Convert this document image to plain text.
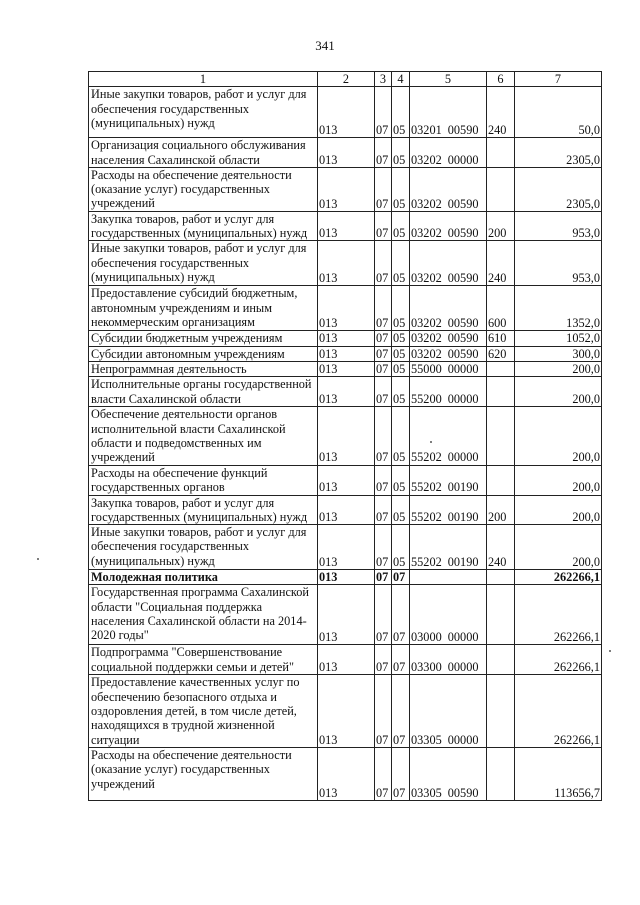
341
1	2	3	4	5	6	7
Иные закупки товаров, работ и услуг для обеспечения государственных (муниципальных) нужд	013	07	05	03201 00590	240	50,0
Организация социального обслуживания населения Сахалинской области	013	07	05	03202 00000		2305,0
Расходы на обеспечение деятельности (оказание услуг) государственных учреждений	013	07	05	03202 00590		2305,0
Закупка товаров, работ и услуг для государственных (муниципальных) нужд	013	07	05	03202 00590	200	953,0
Иные закупки товаров, работ и услуг для обеспечения государственных (муниципальных) нужд	013	07	05	03202 00590	240	953,0
Предоставление субсидий бюджетным, автономным учреждениям и иным некоммерческим организациям	013	07	05	03202 00590	600	1352,0
Субсидии бюджетным учреждениям	013	07	05	03202 00590	610	1052,0
Субсидии автономным учреждениям	013	07	05	03202 00590	620	300,0
Непрограммная деятельность	013	07	05	55000 00000		200,0
Исполнительные органы государственной власти Сахалинской области	013	07	05	55200 00000		200,0
Обеспечение деятельности органов исполнительной власти Сахалинской области и подведомственных им учреждений	013	07	05	55202 00000		200,0
Расходы на обеспечение функций государственных органов	013	07	05	55202 00190		200,0
Закупка товаров, работ и услуг для государственных (муниципальных) нужд	013	07	05	55202 00190	200	200,0
Иные закупки товаров, работ и услуг для обеспечения государственных (муниципальных) нужд	013	07	05	55202 00190	240	200,0
Молодежная политика	013	07	07			262266,1
Государственная программа Сахалинской области "Социальная поддержка населения Сахалинской области на 2014-2020 годы"	013	07	07	03000 00000		262266,1
Подпрограмма "Совершенствование социальной поддержки семьи и детей"	013	07	07	03300 00000		262266,1
Предоставление качественных услуг по обеспечению безопасного отдыха и оздоровления детей, в том числе детей, находящихся в трудной жизненной ситуации	013	07	07	03305 00000		262266,1
Расходы на обеспечение деятельности (оказание услуг) государственных учреждений	013	07	07	03305 00590		113656,7
